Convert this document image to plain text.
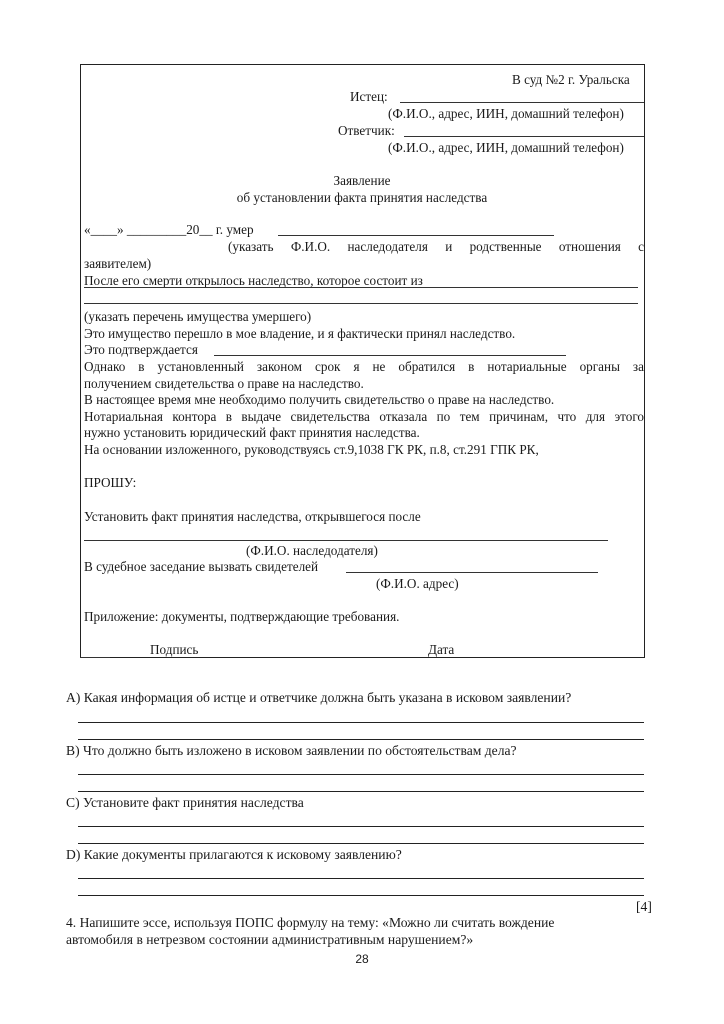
В суд №2 г. Уральска
Истец:
(Ф.И.О., адрес, ИИН, домашний телефон)
Ответчик:
(Ф.И.О., адрес, ИИН, домашний телефон)
Заявление
об установлении факта принятия наследства
«____» _________20__ г. умер
(указать Ф.И.О. наследодателя и родственные отношения с
заявителем)
После его смерти открылось наследство, которое состоит из
(указать перечень имущества умершего)
Это имущество перешло в мое владение, и я фактически принял наследство.
Это подтверждается
Однако в установленный законом срок я не обратился в нотариальные органы за
получением свидетельства о праве на наследство.
В настоящее время мне необходимо получить свидетельство о праве на наследство.
Нотариальная контора в выдаче свидетельства отказала по тем причинам, что для этого
нужно установить юридический факт принятия наследства.
На основании изложенного, руководствуясь ст.9,1038 ГК РК, п.8, ст.291 ГПК РК,
ПРОШУ:
Установить факт принятия наследства, открывшегося после
(Ф.И.О. наследодателя)
В судебное заседание вызвать свидетелей
(Ф.И.О. адрес)
Приложение: документы, подтверждающие требования.
Подпись	Дата
A) Какая информация об истце и ответчике должна быть указана в исковом заявлении?
B) Что должно быть изложено в исковом заявлении по обстоятельствам дела?
C) Установите факт принятия наследства
D) Какие документы прилагаются к исковому заявлению?
[4]
4. Напишите эссе, используя ПОПС формулу на тему: «Можно ли считать вождение
автомобиля в нетрезвом состоянии административным нарушением?»
28
